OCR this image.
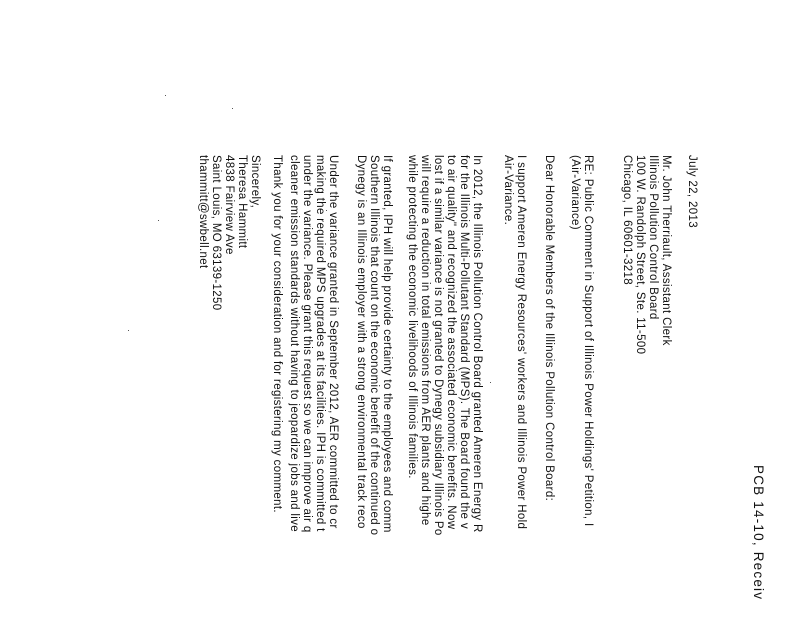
PCB 14-10, Receiv
July 22, 2013
Mr. John Therriault, Assistant Clerk
Illinois Pollution Control Board
100 W. Randolph Street, Ste. 11-500
Chicago, IL 60601-3218
RE: Public Comment in Support of Illinois Power Holdings' Petition, I
(Air-Variance)
Dear Honorable Members of the Illinois Pollution Control Board:
I support Ameren Energy Resources' workers and Illinois Power Hold
Air-Variance.
In 2012, the Illinois Pollution Control Board granted Ameren Energy R
for the Illinois Multi-Pollutant Standard (MPS). The Board found the v
to air quality" and recognized the associated economic benefits. Now
lost if a similar variance is not granted to Dynegy subsidiary Illinois Po
will require a reduction in total emissions from AER plants and highe
while protecting the economic livelihoods of Illinois families.
If granted, IPH will help provide certainty to the employees and comm
Southern Illinois that count on the economic benefit of the continued o
Dynegy is an Illinois employer with a strong environmental track reco
Under the variance granted in September 2012, AER committed to cr
making the required MPS upgrades at its facilities. IPH is committed t
under the variance. Please grant this request so we can improve air q
cleaner emission standards without having to jeopardize jobs and live
Thank you for your consideration and for registering my comment.
Sincerely,
Theresa Hammitt
4838 Fairview Ave
Saint Louis, MO 63139-1250
thammitt@swbell.net
